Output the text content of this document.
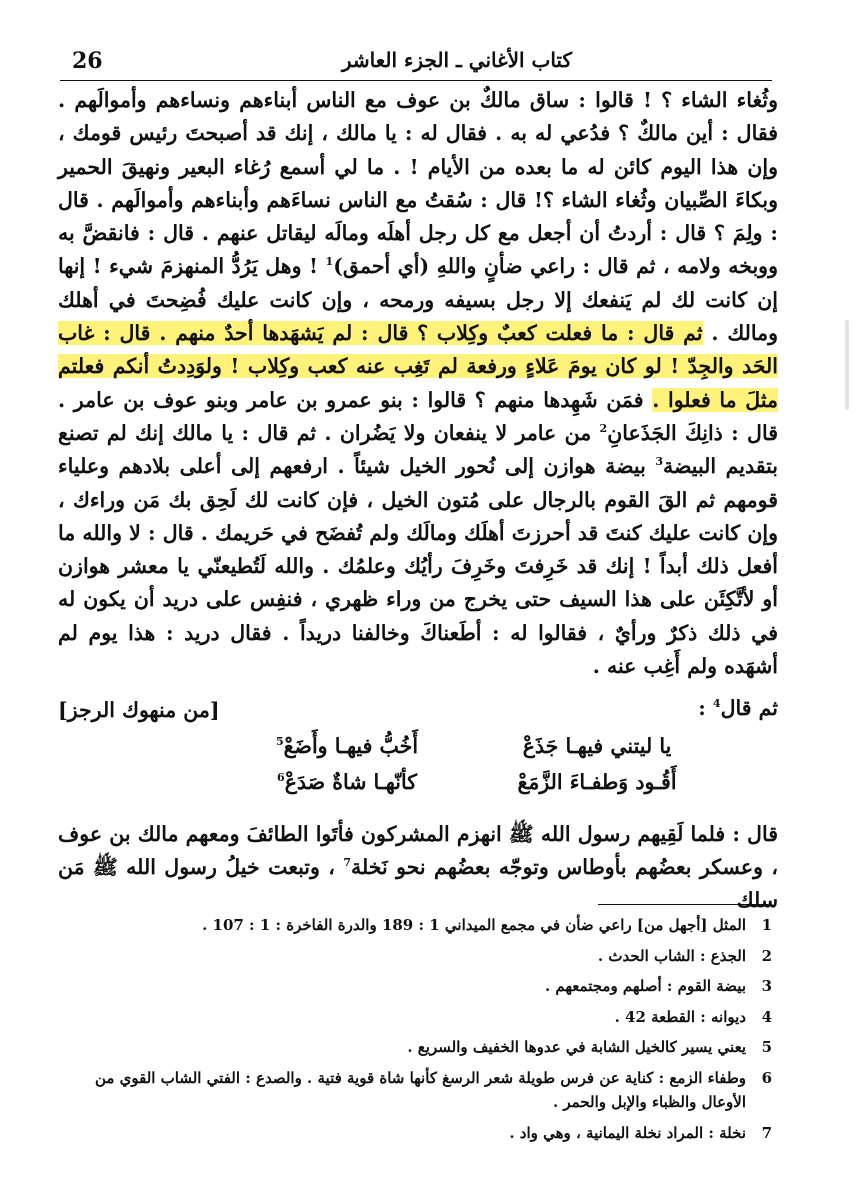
كتاب الأغاني ـ الجزء العاشر
26

وثُغاء الشاء ؟ ! قالوا : ساق مالكٌ بن عوف مع الناس أبناءهم ونساءهم وأموالَهم . فقال : أين مالكٌ ؟ فدُعي له به . فقال له : يا مالك ، إنك قد أصبحتَ رئيس قومك ، وإن هذا اليوم كائن له ما بعده من الأيام ! . ما لي أسمع رُغاء البعير ونهيقَ الحمير وبكاءَ الصِّبيان وثُغاء الشاء ؟! قال : سُقتُ مع الناس نساءَهم وأبناءهم وأموالَهم . قال : ولِمَ ؟ قال : أردتُ أن أجعل مع كل رجل أهلَه ومالَه ليقاتل عنهم . قال : فانقضَّ به ووبخه ولامه ، ثم قال : راعي ضأنٍ واللهِ (أي أحمق)$^1$ ! وهل يَرُدُّ المنهزمَ شيء ! إنها إن كانت لك لم يَنفعك إلا رجل بسيفه ورمحه ، وإن كانت عليك فُضِحتَ في أهلك ومالك . ثم قال : ما فعلت كعبٌ وكِلاب ؟ قال : لم يَشهَدها أحدٌ منهم . قال : غاب الحَد والجِدّ ! لو كان يومَ عَلاءٍ ورفعة لم تَغِب عنه كعب وكِلاب ! ولوَدِدتُ أنكم فعلتم مثلَ ما فعلوا . فمَن شَهِدها منهم ؟ قالوا : بنو عمرو بن عامر وبنو عوف بن عامر . قال : ذانِكَ الجَذَعانِ$^2$ من عامر لا ينفعان ولا يَضُران . ثم قال : يا مالك إنك لم تصنع بتقديم البيضة$^3$ بيضة هوازن إلى نُحور الخيل شيئاً . ارفعهم إلى أعلى بلادهم وعلياء قومهم ثم القَ القوم بالرجال على مُتون الخيل ، فإن كانت لك لَحِق بك مَن وراءك ، وإن كانت عليك كنتَ قد أحرزتَ أهلَك ومالَك ولم تُفضَح في حَريمك . قال : لا والله ما أفعل ذلك أبداً ! إنك قد خَرِفتَ وخَرِفَ رأيُك وعلمُك . والله لَتُطيعنّي يا معشر هوازن أو لأتَّكِئَن على هذا السيف حتى يخرج من وراء ظهري ، فنفِس على دريد أن يكون له في ذلك ذكرٌ ورأيٌ ، فقالوا له : أطَعناكَ وخالفنا دريداً . فقال دريد : هذا يوم لم أشهَده ولم أَغِب عنه .

ثم قال$^4$ :
[من منهوك الرجز]
يا ليتني فيهـا جَذَعْ
أَخُبُّ فيهـا وأَضَعْ$^5$
أَقُـود وَطفـاءَ الزَّمَعْ
كأنّهـا شاةٌ صَدَعْ$^6$

قال : فلما لَقِيهم رسول الله ﷺ انهزم المشركون فأتَوا الطائفَ ومعهم مالك بن عوف ، وعسكر بعضُهم بأوطاس وتوجّه بعضُهم نحو نَخلة$^7$ ، وتبعت خيلُ رسول الله ﷺ مَن سلك

1
المثل [أجهل من] راعي ضأن في مجمع الميداني 1 : 189 والدرة الفاخرة : 1 : 107 .
2
الجذع : الشاب الحدث .
3
بيضة القوم : أصلهم ومجتمعهم .
4
ديوانه : القطعة 42 .
5
يعني يسير كالخيل الشابة في عدوها الخفيف والسريع .
6
وطفاء الزمع : كناية عن فرس طويلة شعر الرسغ كأنها شاة قوية فتية . والصدع : الفتي الشاب القوي من الأوعال والظباء والإبل والحمر .
7
نخلة : المراد نخلة اليمانية ، وهي واد .
